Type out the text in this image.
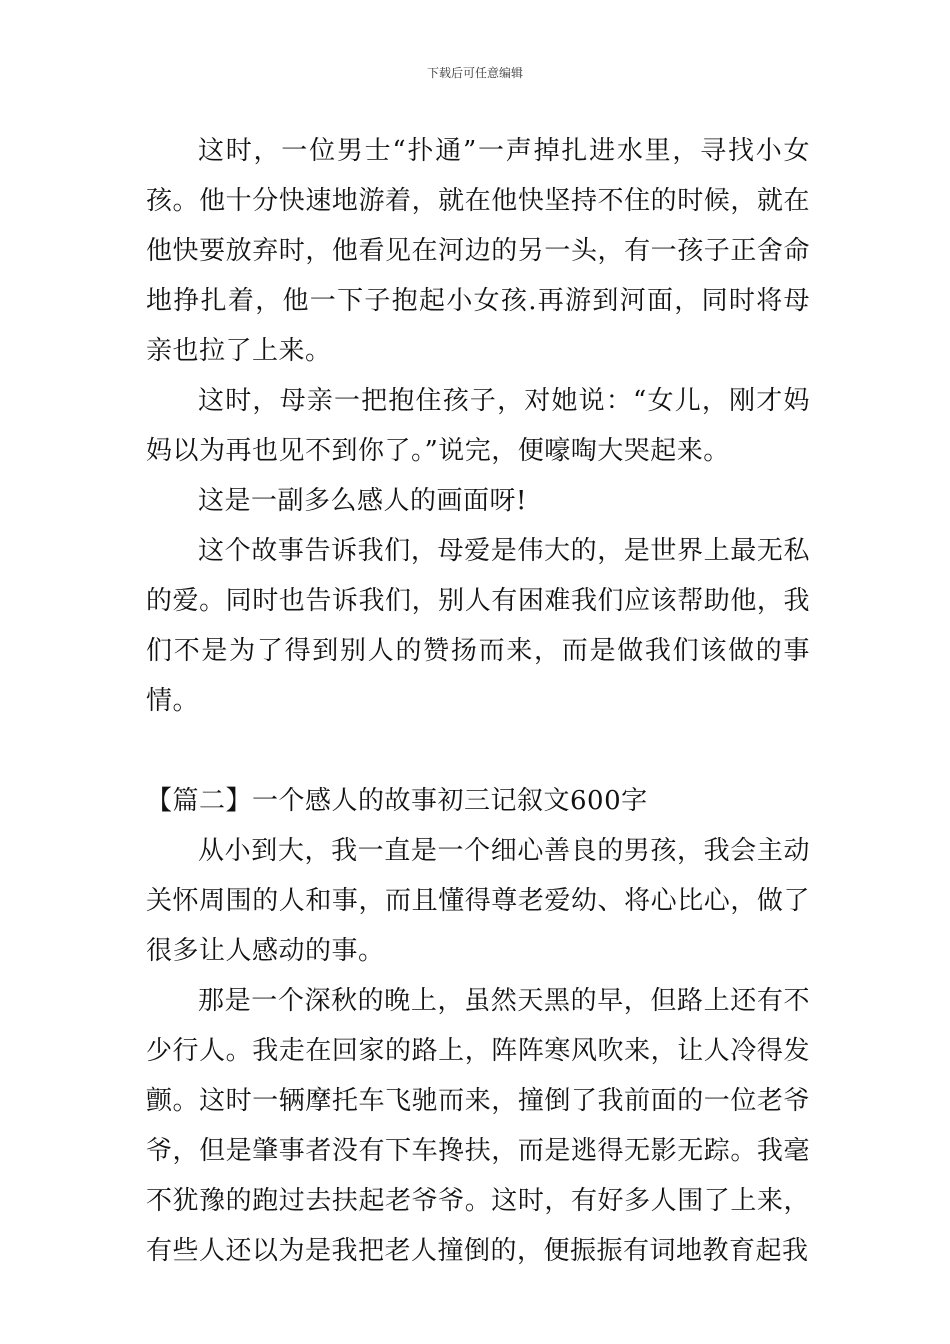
下载后可任意编辑

这时，一位男士“扑通”一声掉扎进水里，寻找小女孩。他十分快速地游着，就在他快坚持不住的时候，就在他快要放弃时，他看见在河边的另一头，有一孩子正舍命地挣扎着，他一下子抱起小女孩.再游到河面，同时将母亲也拉了上来。

这时，母亲一把抱住孩子，对她说：“女儿，刚才妈妈以为再也见不到你了。”说完，便嚎啕大哭起来。

这是一副多么感人的画面呀!

这个故事告诉我们，母爱是伟大的，是世界上最无私的爱。同时也告诉我们，别人有困难我们应该帮助他，我们不是为了得到别人的赞扬而来，而是做我们该做的事情。

【篇二】一个感人的故事初三记叙文600字

从小到大，我一直是一个细心善良的男孩，我会主动关怀周围的人和事，而且懂得尊老爱幼、将心比心，做了很多让人感动的事。

那是一个深秋的晚上，虽然天黑的早，但路上还有不少行人。我走在回家的路上，阵阵寒风吹来，让人冷得发颤。这时一辆摩托车飞驰而来，撞倒了我前面的一位老爷爷，但是肇事者没有下车搀扶，而是逃得无影无踪。我毫不犹豫的跑过去扶起老爷爷。这时，有好多人围了上来，有些人还以为是我把老人撞倒的，便振振有词地教育起我
